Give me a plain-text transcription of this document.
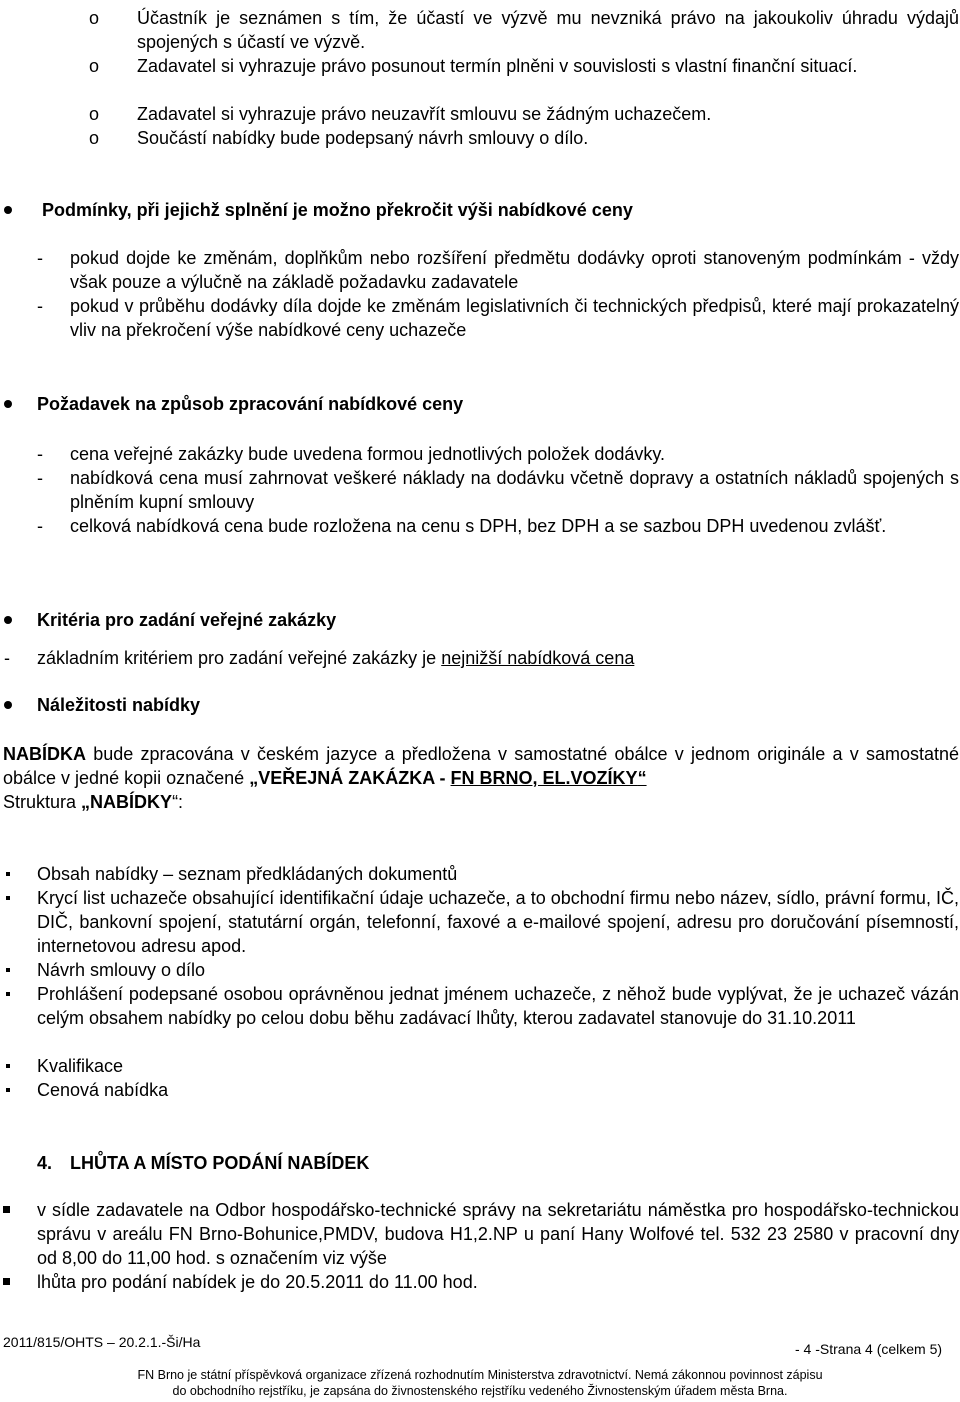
o Účastník je seznámen s tím, že účastí ve výzvě mu nevzniká právo na jakoukoliv úhradu výdajů spojených s účastí ve výzvě.
o Zadavatel si vyhrazuje právo posunout termín plněni v souvislosti s vlastní finanční situací.
o Zadavatel si vyhrazuje právo neuzavřít smlouvu se žádným uchazečem.
o Součástí nabídky bude podepsaný návrh smlouvy o dílo.
Podmínky, při jejichž splnění je možno překročit výši nabídkové ceny
- pokud dojde ke změnám, doplňkům nebo rozšíření předmětu dodávky oproti stanoveným podmínkám - vždy však pouze a výlučně na základě požadavku zadavatele
- pokud v průběhu dodávky díla dojde ke změnám legislativních či technických předpisů, které mají prokazatelný vliv na překročení výše nabídkové ceny uchazeče
Požadavek na způsob zpracování nabídkové ceny
- cena veřejné zakázky bude uvedena formou jednotlivých položek dodávky.
- nabídková cena musí zahrnovat veškeré náklady na dodávku včetně dopravy a ostatních nákladů spojených s plněním kupní smlouvy
- celková nabídková cena bude rozložena na cenu s DPH, bez DPH a se sazbou DPH uvedenou zvlášť.
Kritéria pro zadání veřejné zakázky
- základním kritériem pro zadání veřejné zakázky je nejnižší nabídková cena
Náležitosti nabídky
NABÍDKA bude zpracována v českém jazyce a předložena v samostatné obálce v jednom originále a v samostatné obálce v jedné kopii označené „VEŘEJNÁ ZAKÁZKA - FN BRNO, EL.VOZÍKY“
Struktura „NABÍDKY“:
Obsah nabídky – seznam předkládaných dokumentů
Krycí list uchazeče obsahující identifikační údaje uchazeče, a to obchodní firmu nebo název, sídlo, právní formu, IČ, DIČ, bankovní spojení, statutární orgán, telefonní, faxové a e-mailové spojení, adresu pro doručování písemností, internetovou adresu apod.
Návrh smlouvy o dílo
Prohlášení podepsané osobou oprávněnou jednat jménem uchazeče, z něhož bude vyplývat, že je uchazeč vázán celým obsahem nabídky po celou dobu běhu zadávací lhůty, kterou zadavatel stanovuje do 31.10.2011
Kvalifikace
Cenová nabídka
4. LHŮTA A MÍSTO PODÁNÍ NABÍDEK
v sídle zadavatele na Odbor hospodářsko-technické správy na sekretariátu náměstka pro hospodářsko-technickou správu v areálu FN Brno-Bohunice,PMDV, budova H1,2.NP u paní Hany Wolfové tel. 532 23 2580 v pracovní dny od 8,00 do 11,00 hod. s označením viz výše
lhůta pro podání nabídek je do 20.5.2011 do 11.00 hod.
2011/815/OHTS – 20.2.1.-Ši/Ha	- 4 -Strana 4 (celkem 5)
FN Brno je státní příspěvková organizace zřízená rozhodnutím Ministerstva zdravotnictví. Nemá zákonnou povinnost zápisu
do obchodního rejstříku, je zapsána do živnostenského rejstříku vedeného Živnostenským úřadem města Brna.
